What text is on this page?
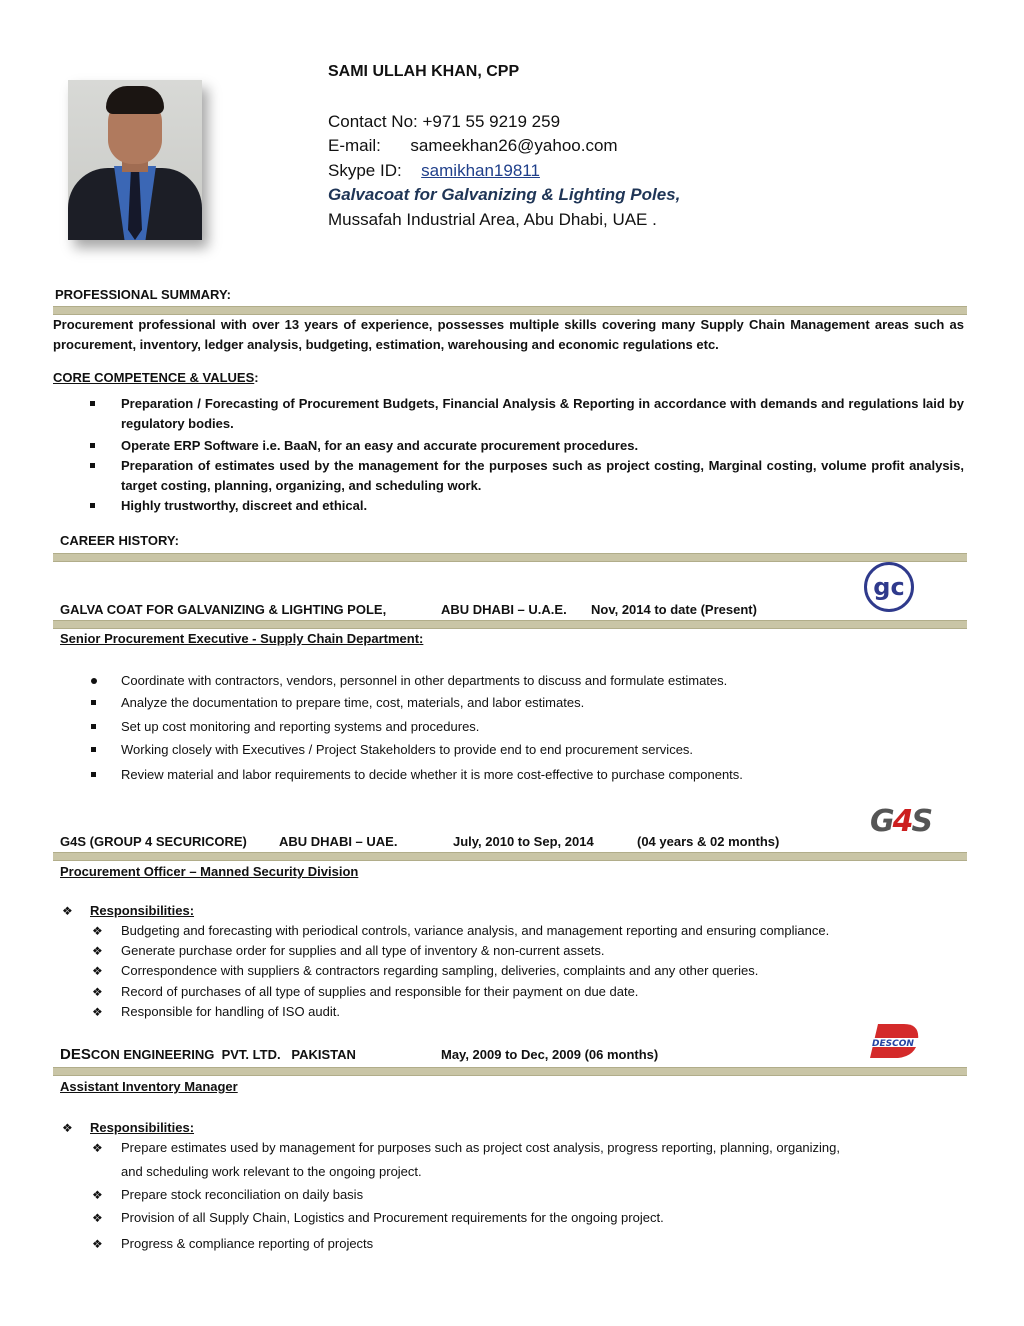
SAMI ULLAH KHAN, CPP
Contact No: +971 55 9219 259
E-mail: sameekhan26@yahoo.com
Skype ID: samikhan19811
Galvacoat for Galvanizing & Lighting Poles,
Mussafah Industrial Area, Abu Dhabi, UAE .
PROFESSIONAL SUMMARY:
Procurement professional with over 13 years of experience, possesses multiple skills covering many Supply Chain Management areas such as procurement, inventory, ledger analysis, budgeting, estimation, warehousing and economic regulations etc.
CORE COMPETENCE & VALUES:
Preparation / Forecasting of Procurement Budgets, Financial Analysis & Reporting in accordance with demands and regulations laid by regulatory bodies.
Operate ERP Software i.e. BaaN, for an easy and accurate procurement procedures.
Preparation of estimates used by the management for the purposes such as project costing, Marginal costing, volume profit analysis, target costing, planning, organizing, and scheduling work.
Highly trustworthy, discreet and ethical.
CAREER HISTORY:
gc
GALVA COAT FOR GALVANIZING & LIGHTING POLE,	ABU DHABI – U.A.E. Nov, 2014 to date (Present)
Senior Procurement Executive - Supply Chain Department:
Coordinate with contractors, vendors, personnel in other departments to discuss and formulate estimates.
Analyze the documentation to prepare time, cost, materials, and labor estimates.
Set up cost monitoring and reporting systems and procedures.
Working closely with Executives / Project Stakeholders to provide end to end procurement services.
Review material and labor requirements to decide whether it is more cost-effective to purchase components.
G4S
G4S (GROUP 4 SECURICORE) ABU DHABI – UAE.	July, 2010 to Sep, 2014	(04 years & 02 months)
Procurement Officer – Manned Security Division
❖ Responsibilities:
❖ Budgeting and forecasting with periodical controls, variance analysis, and management reporting and ensuring compliance.
❖ Generate purchase order for supplies and all type of inventory & non-current assets.
❖ Correspondence with suppliers & contractors regarding sampling, deliveries, complaints and any other queries.
❖ Record of purchases of all type of supplies and responsible for their payment on due date.
❖ Responsible for handling of ISO audit.
DESCON
DESCON ENGINEERING  PVT. LTD.   PAKISTAN	May, 2009 to Dec, 2009 (06 months)
Assistant Inventory Manager
❖ Responsibilities:
❖ Prepare estimates used by management for purposes such as project cost analysis, progress reporting, planning, organizing,
and scheduling work relevant to the ongoing project.
❖ Prepare stock reconciliation on daily basis
❖ Provision of all Supply Chain, Logistics and Procurement requirements for the ongoing project.
❖ Progress & compliance reporting of projects
